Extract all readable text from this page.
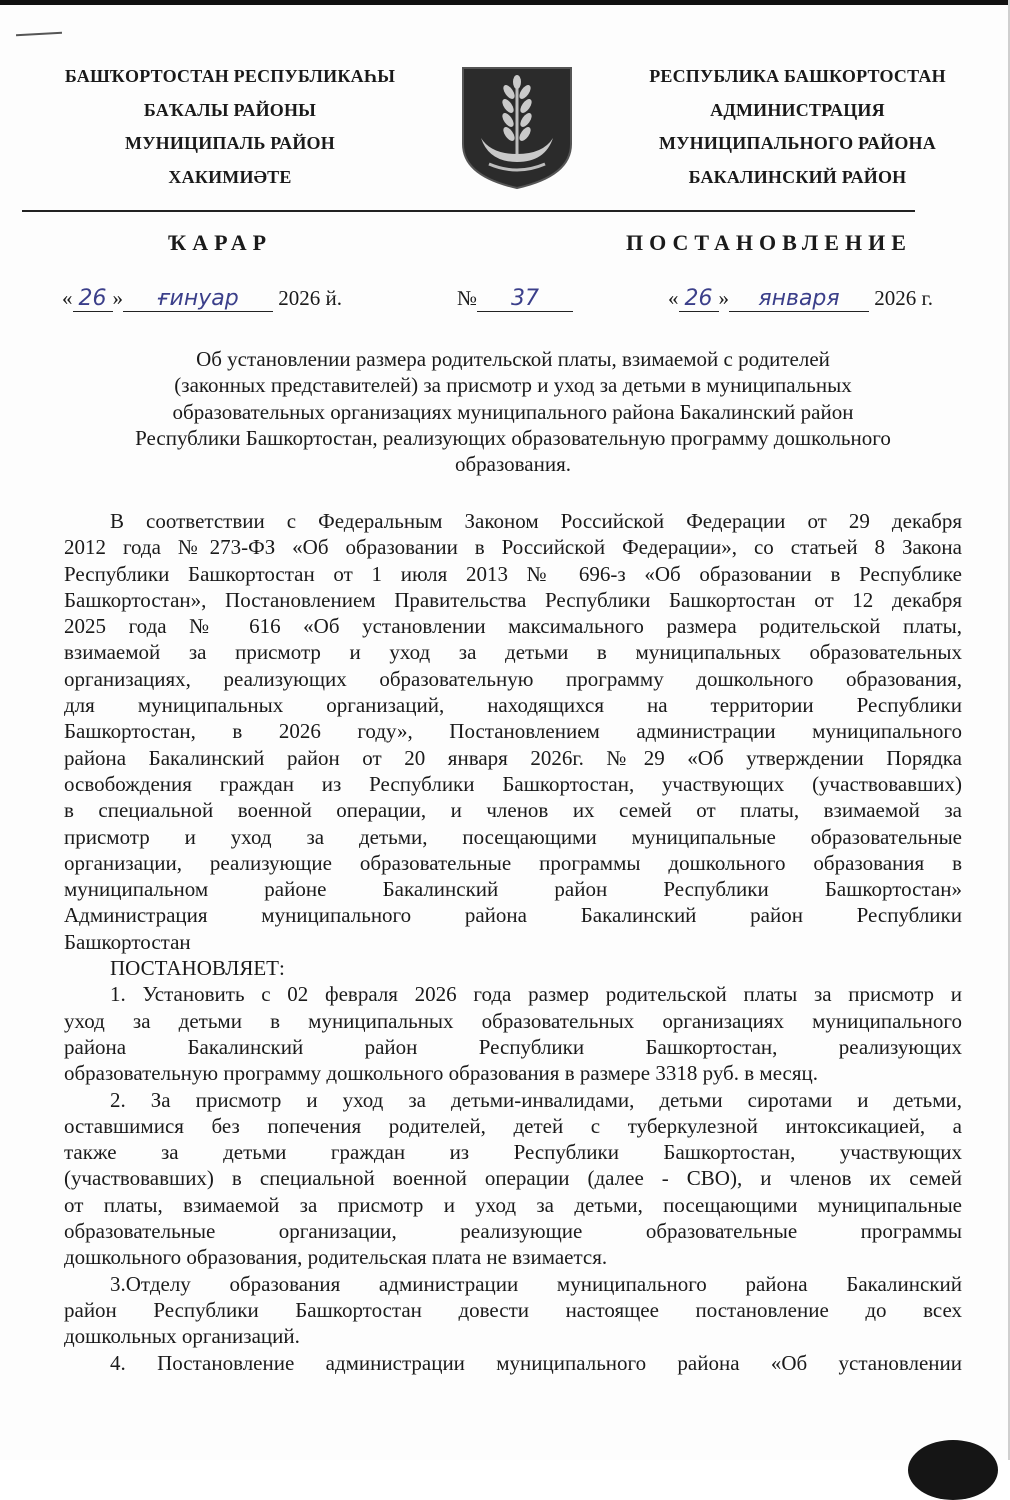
БАШҠОРТОСТАН РЕСПУБЛИКАҺЫ
БАҠАЛЫ РАЙОНЫ
МУНИЦИПАЛЬ РАЙОН
ХАКИМИӘТЕ
РЕСПУБЛИКА БАШКОРТОСТАН
АДМИНИСТРАЦИЯ
МУНИЦИПАЛЬНОГО РАЙОНА
БАКАЛИНСКИЙ РАЙОН
ҠАРАР	ПОСТАНОВЛЕНИЕ
« 26 » ғинуар 2026 й.	№ 37	« 26 » января 2026 г.
Об установлении размера родительской платы, взимаемой с родителей
(законных представителей) за присмотр и уход за детьми в муниципальных
образовательных организациях муниципального района Бакалинский район
Республики Башкортостан, реализующих образовательную программу дошкольного
образования.
В соответствии с Федеральным Законом Российской Федерации от 29 декабря
2012 года №273-ФЗ «Об образовании в Российской Федерации», со статьей 8 Закона
Республики Башкортостан от 1 июля 2013 № 696-з «Об образовании в Республике
Башкортостан», Постановлением Правительства Республики Башкортостан от 12 декабря
2025 года № 616 «Об установлении максимального размера родительской платы,
взимаемой за присмотр и уход за детьми в муниципальных образовательных
организациях, реализующих образовательную программу дошкольного образования,
для муниципальных организаций, находящихся на территории Республики
Башкортостан, в 2026 году», Постановлением администрации муниципального
района Бакалинский район от 20 января 2026г. №29 «Об утверждении Порядка
освобождения граждан из Республики Башкортостан, участвующих (участвовавших)
в специальной военной операции, и членов их семей от платы, взимаемой за
присмотр и уход за детьми, посещающими муниципальные образовательные
организации, реализующие образовательные программы дошкольного образования в
муниципальном районе Бакалинский район Республики Башкортостан»
Администрация муниципального района Бакалинский район Республики
Башкортостан
ПОСТАНОВЛЯЕТ:
1. Установить с 02 февраля 2026 года размер родительской платы за присмотр и
уход за детьми в муниципальных образовательных организациях муниципального
района Бакалинский район Республики Башкортостан, реализующих
образовательную программу дошкольного образования в размере 3318 руб. в месяц.
2. За присмотр и уход за детьми-инвалидами, детьми сиротами и детьми,
оставшимися без попечения родителей, детей с туберкулезной интоксикацией, а
также за детьми граждан из Республики Башкортостан, участвующих
(участвовавших) в специальной военной операции (далее - СВО), и членов их семей
от платы, взимаемой за присмотр и уход за детьми, посещающими муниципальные
образовательные организации, реализующие образовательные программы
дошкольного образования, родительская плата не взимается.
3.Отделу образования администрации муниципального района Бакалинский
район Республики Башкортостан довести настоящее постановление до всех
дошкольных организаций.
4. Постановление администрации муниципального района «Об установлении
